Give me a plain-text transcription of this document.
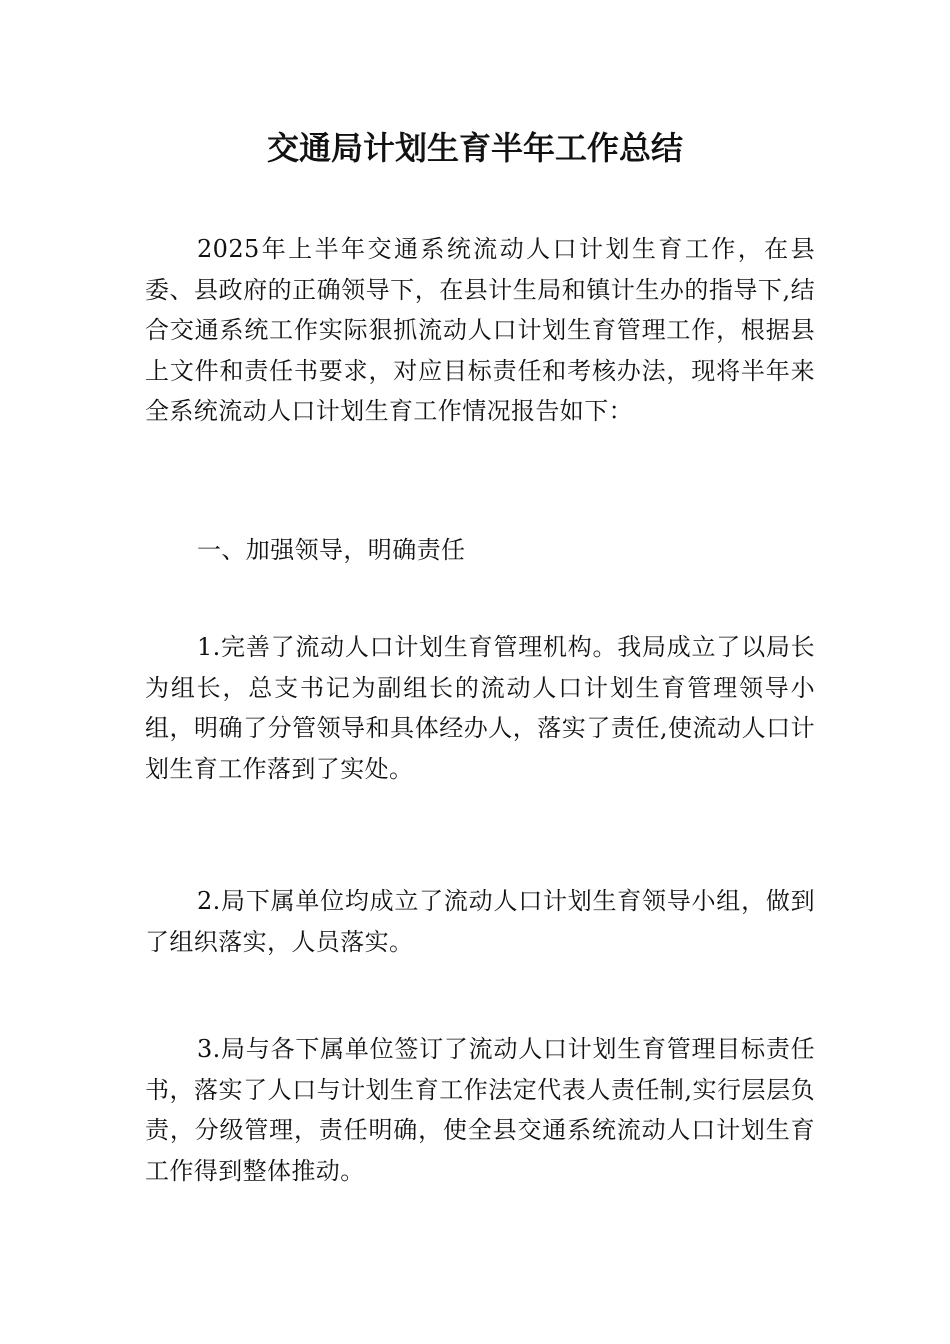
交通局计划生育半年工作总结

2025年上半年交通系统流动人口计划生育工作，在县委、县政府的正确领导下，在县计生局和镇计生办的指导下,结合交通系统工作实际狠抓流动人口计划生育管理工作，根据县上文件和责任书要求，对应目标责任和考核办法，现将半年来全系统流动人口计划生育工作情况报告如下：

一、加强领导，明确责任

1.完善了流动人口计划生育管理机构。我局成立了以局长为组长，总支书记为副组长的流动人口计划生育管理领导小组，明确了分管领导和具体经办人，落实了责任,使流动人口计划生育工作落到了实处。

2.局下属单位均成立了流动人口计划生育领导小组，做到了组织落实，人员落实。

3.局与各下属单位签订了流动人口计划生育管理目标责任书，落实了人口与计划生育工作法定代表人责任制,实行层层负责，分级管理，责任明确，使全县交通系统流动人口计划生育工作得到整体推动。
